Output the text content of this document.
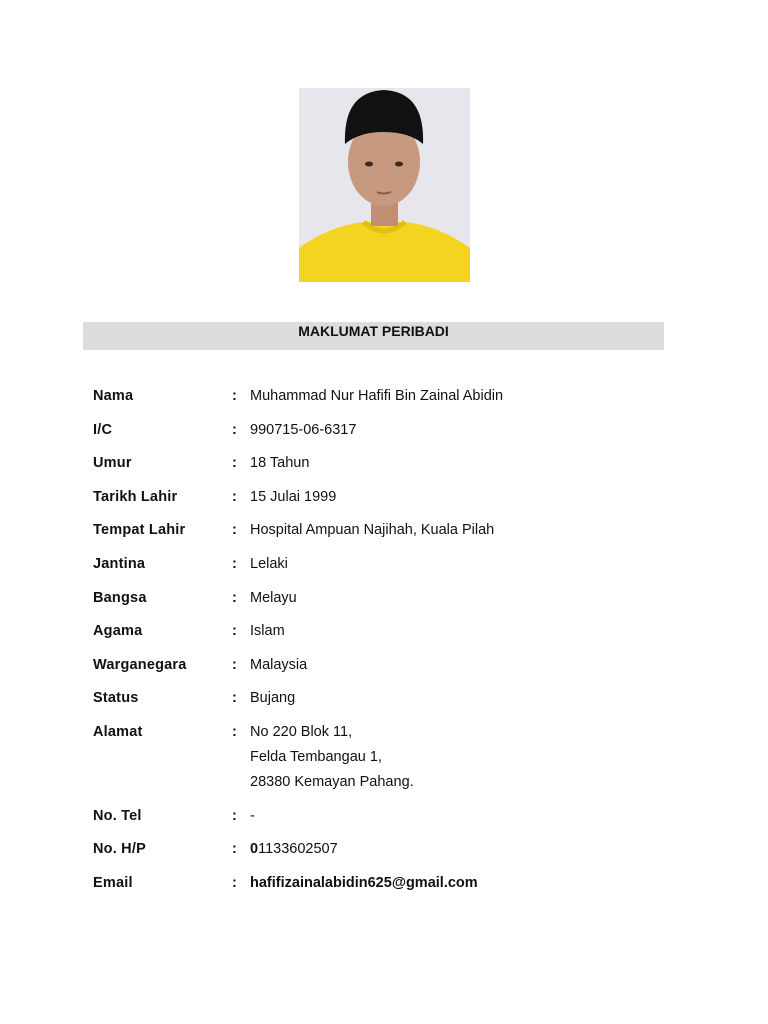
MAKLUMAT PERIBADI
Nama	: Muhammad Nur Hafifi Bin Zainal Abidin
I/C	: 990715-06-6317
Umur	: 18 Tahun
Tarikh Lahir	: 15 Julai 1999
Tempat Lahir	: Hospital Ampuan Najihah, Kuala Pilah
Jantina	: Lelaki
Bangsa	: Melayu
Agama	: Islam
Warganegara	: Malaysia
Status	: Bujang
Alamat	: No 220 Blok 11,
Felda Tembangau 1,
28380 Kemayan Pahang.
No. Tel	: -
No. H/P	: 01133602507
Email	: hafifizainalabidin625@gmail.com
